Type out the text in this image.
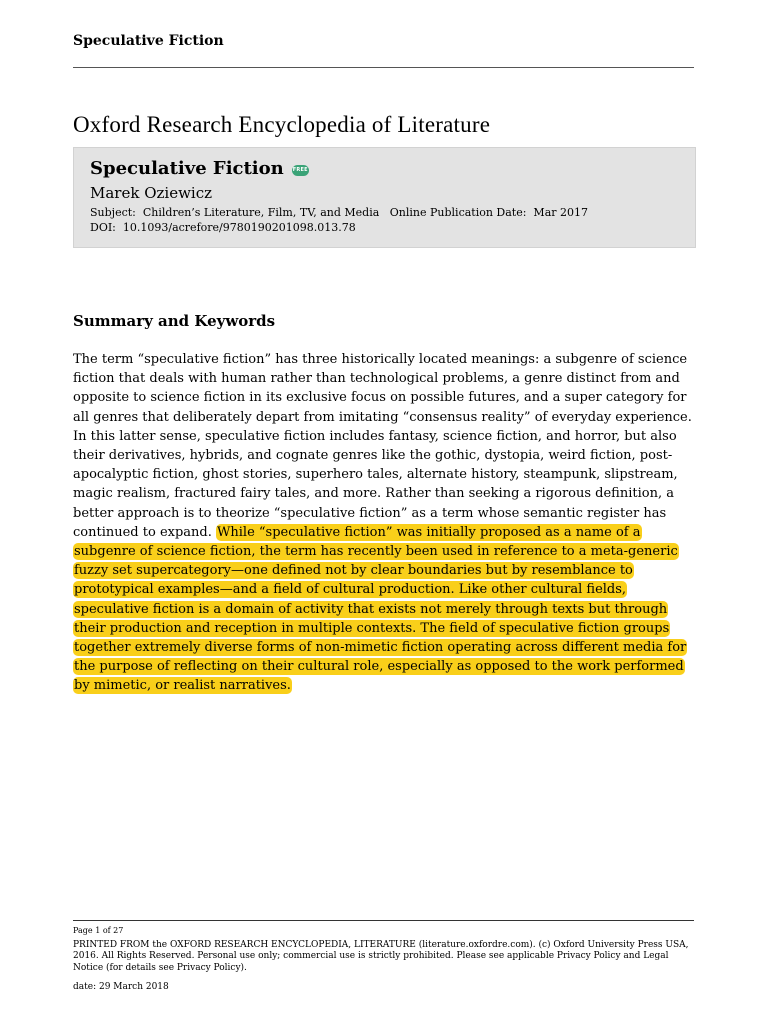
Speculative Fiction
Oxford Research Encyclopedia of Literature
Speculative Fiction FREE
Marek Oziewicz
Subject:  Children’s Literature, Film, TV, and Media   Online Publication Date:  Mar 2017
DOI:  10.1093/acrefore/9780190201098.013.78
Summary and Keywords

The term “speculative fiction” has three historically located meanings: a subgenre of science fiction that deals with human rather than technological problems, a genre distinct from and opposite to science fiction in its exclusive focus on possible futures, and a super category for all genres that deliberately depart from imitating “consensus reality” of everyday experience. In this latter sense, speculative fiction includes fantasy, science fiction, and horror, but also their derivatives, hybrids, and cognate genres like the gothic, dystopia, weird fiction, post-apocalyptic fiction, ghost stories, superhero tales, alternate history, steampunk, slipstream, magic realism, fractured fairy tales, and more. Rather than seeking a rigorous definition, a better approach is to theorize “speculative fiction” as a term whose semantic register has continued to expand. While “speculative fiction” was initially proposed as a name of a subgenre of science fiction, the term has recently been used in reference to a meta-generic fuzzy set supercategory—one defined not by clear boundaries but by resemblance to prototypical examples—and a field of cultural production. Like other cultural fields, speculative fiction is a domain of activity that exists not merely through texts but through their production and reception in multiple contexts. The field of speculative fiction groups together extremely diverse forms of non-mimetic fiction operating across different media for the purpose of reflecting on their cultural role, especially as opposed to the work performed by mimetic, or realist narratives.

Page 1 of 27

PRINTED FROM the OXFORD RESEARCH ENCYCLOPEDIA, LITERATURE (literature.oxfordre.com). (c) Oxford University Press USA, 2016. All Rights Reserved. Personal use only; commercial use is strictly prohibited. Please see applicable Privacy Policy and Legal Notice (for details see Privacy Policy).

date: 29 March 2018
